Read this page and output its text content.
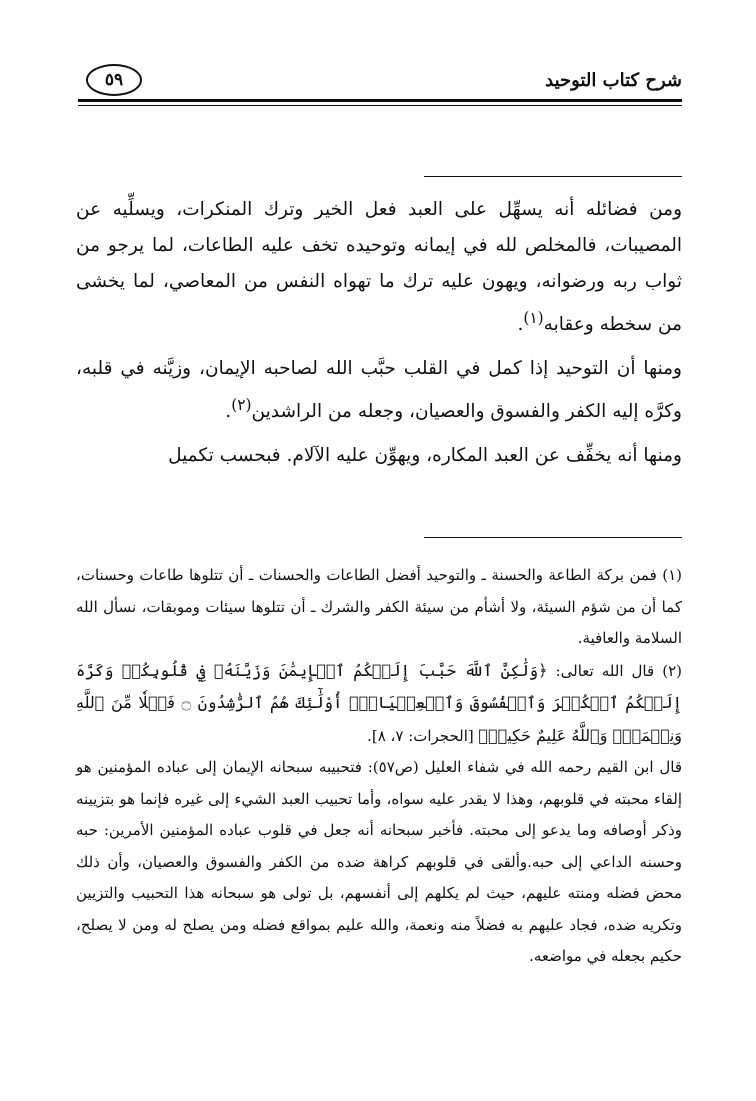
شرح كتاب التوحيد
٥٩

ومن فضائله أنه يسهِّل على العبد فعل الخير وترك المنكرات، ويسلِّيه عن المصيبات، فالمخلص لله في إيمانه وتوحيده تخف عليه الطاعات، لما يرجو من ثواب ربه ورضوانه، ويهون عليه ترك ما تهواه النفس من المعاصي، لما يخشى من سخطه وعقابه$^{(١)}$.

ومنها أن التوحيد إذا كمل في القلب حبَّب الله لصاحبه الإيمان، وزيَّنه في قلبه، وكرَّه إليه الكفر والفسوق والعصيان، وجعله من الراشدين$^{(٢)}$.

ومنها أنه يخفِّف عن العبد المكاره، ويهوِّن عليه الآلام. فبحسب تكميل

(١) فمن بركة الطاعة والحسنة ـ والتوحيد أفضل الطاعات والحسنات ـ أن تتلوها طاعات وحسنات، كما أن من شؤم السيئة، ولا أشأم من سيئة الكفر والشرك ـ أن تتلوها سيئات وموبقات، نسأل الله السلامة والعافية.

(٢) قال الله تعالى: ﴿وَلَٰكِنَّ ٱللَّهَ حَبَّبَ إِلَيۡكُمُ ٱلۡإِيمَٰنَ وَزَيَّنَهُۥ فِي قُلُوبِكُمۡ وَكَرَّهَ إِلَيۡكُمُ ٱلۡكُفۡرَ وَٱلۡفُسُوقَ وَٱلۡعِصۡيَانَۚ أُوْلَٰٓئِكَ هُمُ ٱلرَّٰشِدُونَ ۝ فَضۡلٗا مِّنَ ٱللَّهِ وَنِعۡمَةٗۚ وَٱللَّهُ عَلِيمٌ حَكِيمٞ﴾ [الحجرات: ٧، ٨].

قال ابن القيم رحمه الله في شفاء العليل (ص٥٧): فتحبيبه سبحانه الإيمان إلى عباده المؤمنين هو إلقاء محبته في قلوبهم، وهذا لا يقدر عليه سواه، وأما تحبيب العبد الشيء إلى غيره فإنما هو بتزيينه وذكر أوصافه وما يدعو إلى محبته. فأخبر سبحانه أنه جعل في قلوب عباده المؤمنين الأمرين: حبه وحسنه الداعي إلى حبه.وألقى في قلوبهم كراهة ضده من الكفر والفسوق والعصيان، وأن ذلك محض فضله ومنته عليهم، حيث لم يكلهم إلى أنفسهم، بل تولى هو سبحانه هذا التحبيب والتزيين وتكريه ضده، فجاد عليهم به فضلاً منه ونعمة، والله عليم بمواقع فضله ومن يصلح له ومن لا يصلح، حكيم بجعله في مواضعه.
